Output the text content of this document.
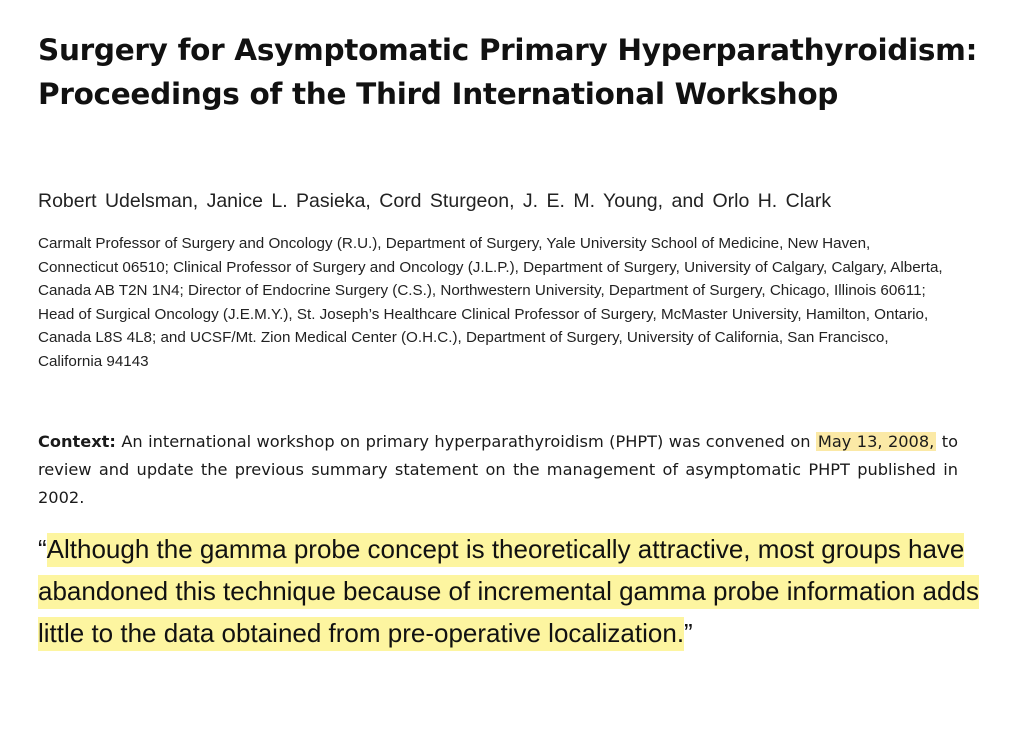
Surgery for Asymptomatic Primary Hyperparathyroidism: Proceedings of the Third International Workshop
Robert Udelsman, Janice L. Pasieka, Cord Sturgeon, J. E. M. Young, and Orlo H. Clark
Carmalt Professor of Surgery and Oncology (R.U.), Department of Surgery, Yale University School of Medicine, New Haven, Connecticut 06510; Clinical Professor of Surgery and Oncology (J.L.P.), Department of Surgery, University of Calgary, Calgary, Alberta, Canada AB T2N 1N4; Director of Endocrine Surgery (C.S.), Northwestern University, Department of Surgery, Chicago, Illinois 60611; Head of Surgical Oncology (J.E.M.Y.), St. Joseph’s Healthcare Clinical Professor of Surgery, McMaster University, Hamilton, Ontario, Canada L8S 4L8; and UCSF/Mt. Zion Medical Center (O.H.C.), Department of Surgery, University of California, San Francisco, California 94143

Context: An international workshop on primary hyperparathyroidism (PHPT) was convened on May 13, 2008, to review and update the previous summary statement on the management of asymptomatic PHPT published in 2002.

“Although the gamma probe concept is theoretically attractive, most groups have abandoned this technique because of incremental gamma probe information adds little to the data obtained from pre-operative localization.”
